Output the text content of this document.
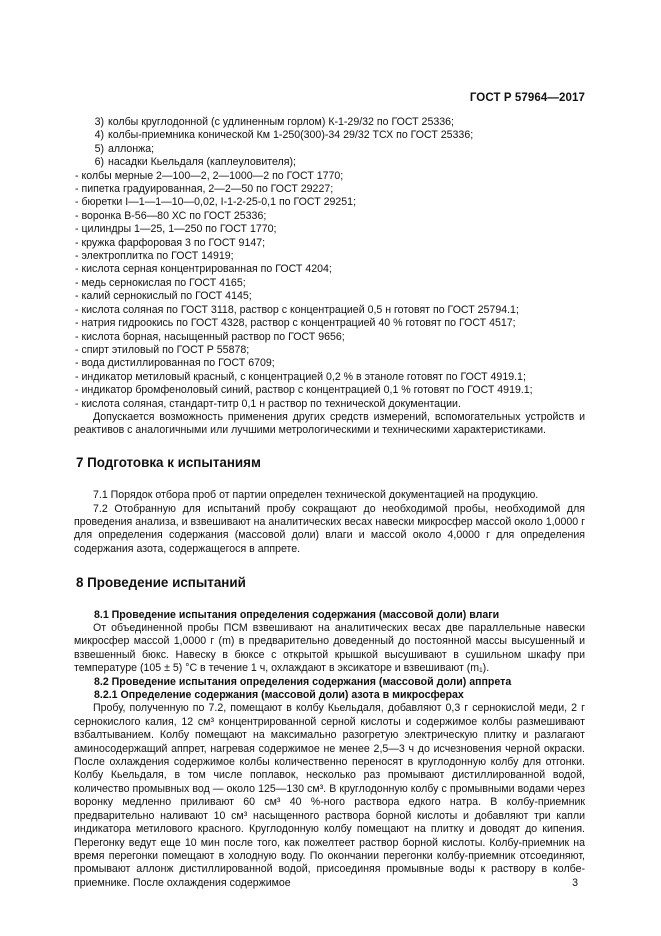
ГОСТ Р 57964—2017
3) колбы круглодонной (с удлиненным горлом) К-1-29/32 по ГОСТ 25336;
4) колбы-приемника конической Км 1-250(300)-34 29/32 ТСХ по ГОСТ 25336;
5) аллонжа;
6) насадки Кьельдаля (каплеуловителя);
- колбы мерные 2—100—2, 2—1000—2 по ГОСТ 1770;
- пипетка градуированная, 2—2—50 по ГОСТ 29227;
- бюретки I—1—1—10—0,02, I-1-2-25-0,1 по ГОСТ 29251;
- воронка В-56—80 ХС по ГОСТ 25336;
- цилиндры 1—25, 1—250 по ГОСТ 1770;
- кружка фарфоровая 3 по ГОСТ 9147;
- электроплитка по ГОСТ 14919;
- кислота серная концентрированная по ГОСТ 4204;
- медь сернокислая по ГОСТ 4165;
- калий сернокислый по ГОСТ 4145;
- кислота соляная по ГОСТ 3118, раствор с концентрацией 0,5 н готовят по ГОСТ 25794.1;
- натрия гидроокись по ГОСТ 4328, раствор с концентрацией 40 % готовят по ГОСТ 4517;
- кислота борная, насыщенный раствор по ГОСТ 9656;
- спирт этиловый по ГОСТ Р 55878;
- вода дистиллированная по ГОСТ 6709;
- индикатор метиловый красный, с концентрацией 0,2 % в этаноле готовят по ГОСТ 4919.1;
- индикатор бромфеноловый синий, раствор с концентрацией 0,1 % готовят по ГОСТ 4919.1;
- кислота соляная, стандарт-титр 0,1 н раствор по технической документации.

Допускается возможность применения других средств измерений, вспомогательных устройств и реактивов с аналогичными или лучшими метрологическими и техническими характеристиками.

7 Подготовка к испытаниям

7.1 Порядок отбора проб от партии определен технической документацией на продукцию.

7.2 Отобранную для испытаний пробу сокращают до необходимой пробы, необходимой для проведения анализа, и взвешивают на аналитических весах навески микросфер массой около 1,0000 г для определения содержания (массовой доли) влаги и массой около 4,0000 г для определения содержания азота, содержащегося в аппрете.

8 Проведение испытаний

8.1 Проведение испытания определения содержания (массовой доли) влаги

От объединенной пробы ПСМ взвешивают на аналитических весах две параллельные навески микросфер массой 1,0000 г (m) в предварительно доведенный до постоянной массы высушенный и взвешенный бюкс. Навеску в бюксе с открытой крышкой высушивают в сушильном шкафу при температуре (105 ± 5) °С в течение 1 ч, охлаждают в эксикаторе и взвешивают (m₁).

8.2 Проведение испытания определения содержания (массовой доли) аппрета

8.2.1 Определение содержания (массовой доли) азота в микросферах

Пробу, полученную по 7.2, помещают в колбу Кьельдаля, добавляют 0,3 г сернокислой меди, 2 г сернокислого калия, 12 см³ концентрированной серной кислоты и содержимое колбы размешивают взбалтыванием. Колбу помещают на максимально разогретую электрическую плитку и разлагают аминосодержащий аппрет, нагревая содержимое не менее 2,5—3 ч до исчезновения черной окраски. После охлаждения содержимое колбы количественно переносят в круглодонную колбу для отгонки. Колбу Кьельдаля, в том числе поплавок, несколько раз промывают дистиллированной водой, количество промывных вод — около 125—130 см³. В круглодонную колбу с промывными водами через воронку медленно приливают 60 см³ 40 %-ного раствора едкого натра. В колбу-приемник предварительно наливают 10 см³ насыщенного раствора борной кислоты и добавляют три капли индикатора метилового красного. Круглодонную колбу помещают на плитку и доводят до кипения. Перегонку ведут еще 10 мин после того, как пожелтеет раствор борной кислоты. Колбу-приемник на время перегонки помещают в холодную воду. По окончании перегонки колбу-приемник отсоединяют, промывают аллонж дистиллированной водой, присоединяя промывные воды к раствору в колбе-приемнике. После охлаждения содержимое	3
